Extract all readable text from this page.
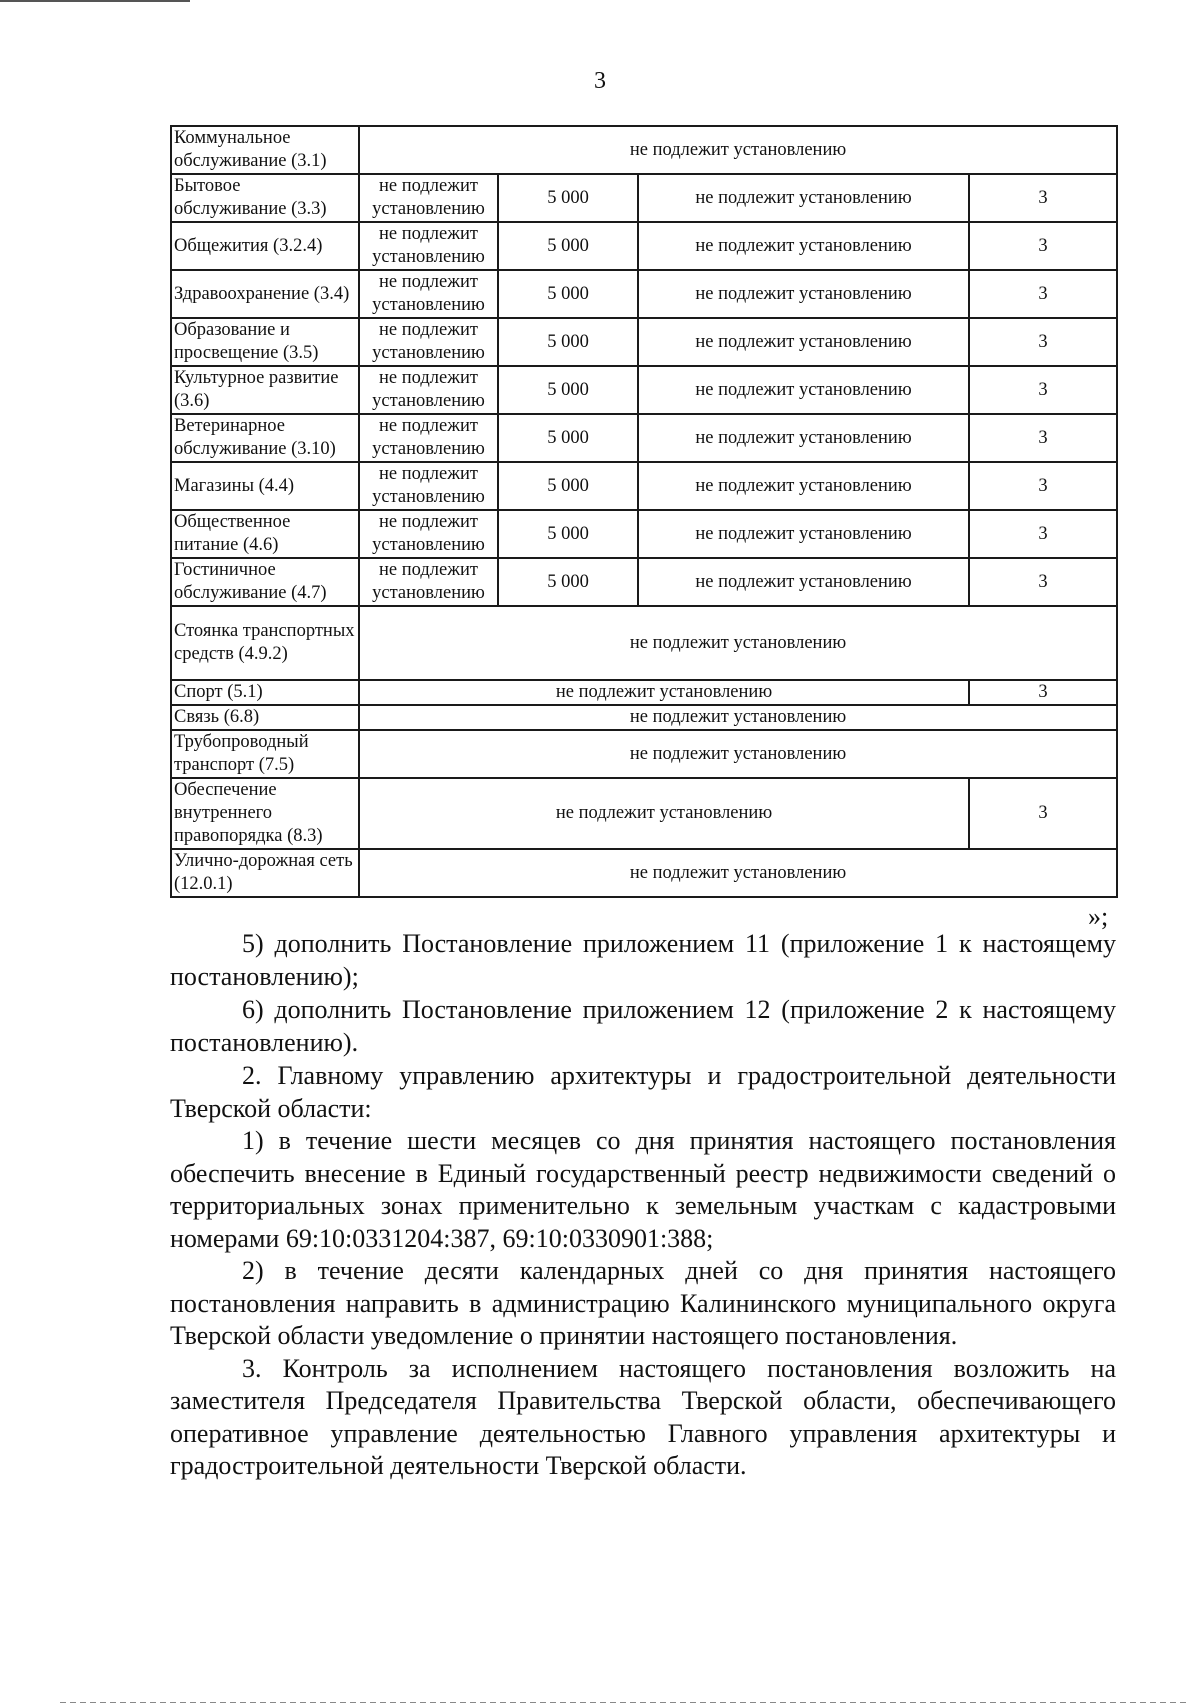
3
Коммунальное обслуживание (3.1)	не подлежит установлению			
Бытовое обслуживание (3.3)	не подлежит установлению	5 000	не подлежит установлению	3
Общежития (3.2.4)	не подлежит установлению	5 000	не подлежит установлению	3
Здравоохранение (3.4)	не подлежит установлению	5 000	не подлежит установлению	3
Образование и просвещение (3.5)	не подлежит установлению	5 000	не подлежит установлению	3
Культурное развитие (3.6)	не подлежит установлению	5 000	не подлежит установлению	3
Ветеринарное обслуживание (3.10)	не подлежит установлению	5 000	не подлежит установлению	3
Магазины (4.4)	не подлежит установлению	5 000	не подлежит установлению	3
Общественное питание (4.6)	не подлежит установлению	5 000	не подлежит установлению	3
Гостиничное обслуживание (4.7)	не подлежит установлению	5 000	не подлежит установлению	3
Стоянка транспортных средств (4.9.2)	не подлежит установлению			
Спорт (5.1)	не подлежит установлению			3
Связь (6.8)	не подлежит установлению			
Трубопроводный транспорт (7.5)	не подлежит установлению			
Обеспечение внутреннего правопорядка (8.3)	не подлежит установлению			3
Улично-дорожная сеть (12.0.1)	не подлежит установлению			
»;

5) дополнить Постановление приложением 11 (приложение 1 к настоящему постановлению);

6) дополнить Постановление приложением 12 (приложение 2 к настоящему постановлению).

2. Главному управлению архитектуры и градостроительной деятельности Тверской области:

1) в течение шести месяцев со дня принятия настоящего постановления обеспечить внесение в Единый государственный реестр недвижимости сведений о территориальных зонах применительно к земельным участкам с кадастровыми номерами 69:10:0331204:387, 69:10:0330901:388;

2) в течение десяти календарных дней со дня принятия настоящего постановления направить в администрацию Калининского муниципального округа Тверской области уведомление о принятии настоящего постановления.

3. Контроль за исполнением настоящего постановления возложить на заместителя Председателя Правительства Тверской области, обеспечивающего оперативное управление деятельностью Главного управления архитектуры и градостроительной деятельности Тверской области.
